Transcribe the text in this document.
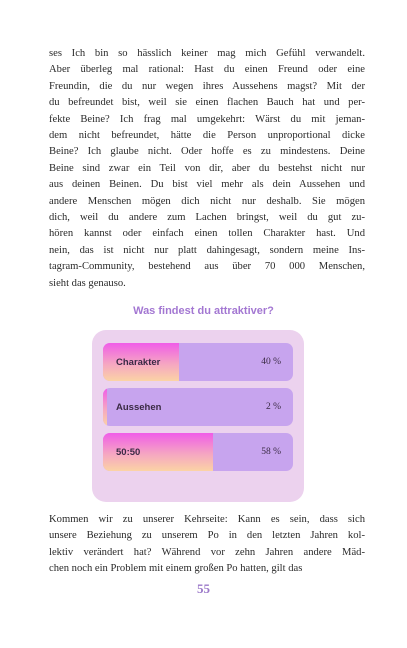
ses Ich bin so hässlich keiner mag mich Gefühl verwandelt.
Aber überleg mal rational: Hast du einen Freund oder eine
Freundin, die du nur wegen ihres Aussehens magst? Mit der
du befreundet bist, weil sie einen flachen Bauch hat und per-
fekte Beine? Ich frag mal umgekehrt: Wärst du mit jeman-
dem nicht befreundet, hätte die Person unproportional dicke
Beine? Ich glaube nicht. Oder hoffe es zu mindestens. Deine
Beine sind zwar ein Teil von dir, aber du bestehst nicht nur
aus deinen Beinen. Du bist viel mehr als dein Aussehen und
andere Menschen mögen dich nicht nur deshalb. Sie mögen
dich, weil du andere zum Lachen bringst, weil du gut zu-
hören kannst oder einfach einen tollen Charakter hast. Und
nein, das ist nicht nur platt dahingesagt, sondern meine Ins-
tagram-Community, bestehend aus über 70 000 Menschen,
sieht das genauso.
Was findest du attraktiver?
Charakter	40 %
Aussehen	2 %
50:50	58 %
Kommen wir zu unserer Kehrseite: Kann es sein, dass sich
unsere Beziehung zu unserem Po in den letzten Jahren kol-
lektiv verändert hat? Während vor zehn Jahren andere Mäd-
chen noch ein Problem mit einem großen Po hatten, gilt das
55
